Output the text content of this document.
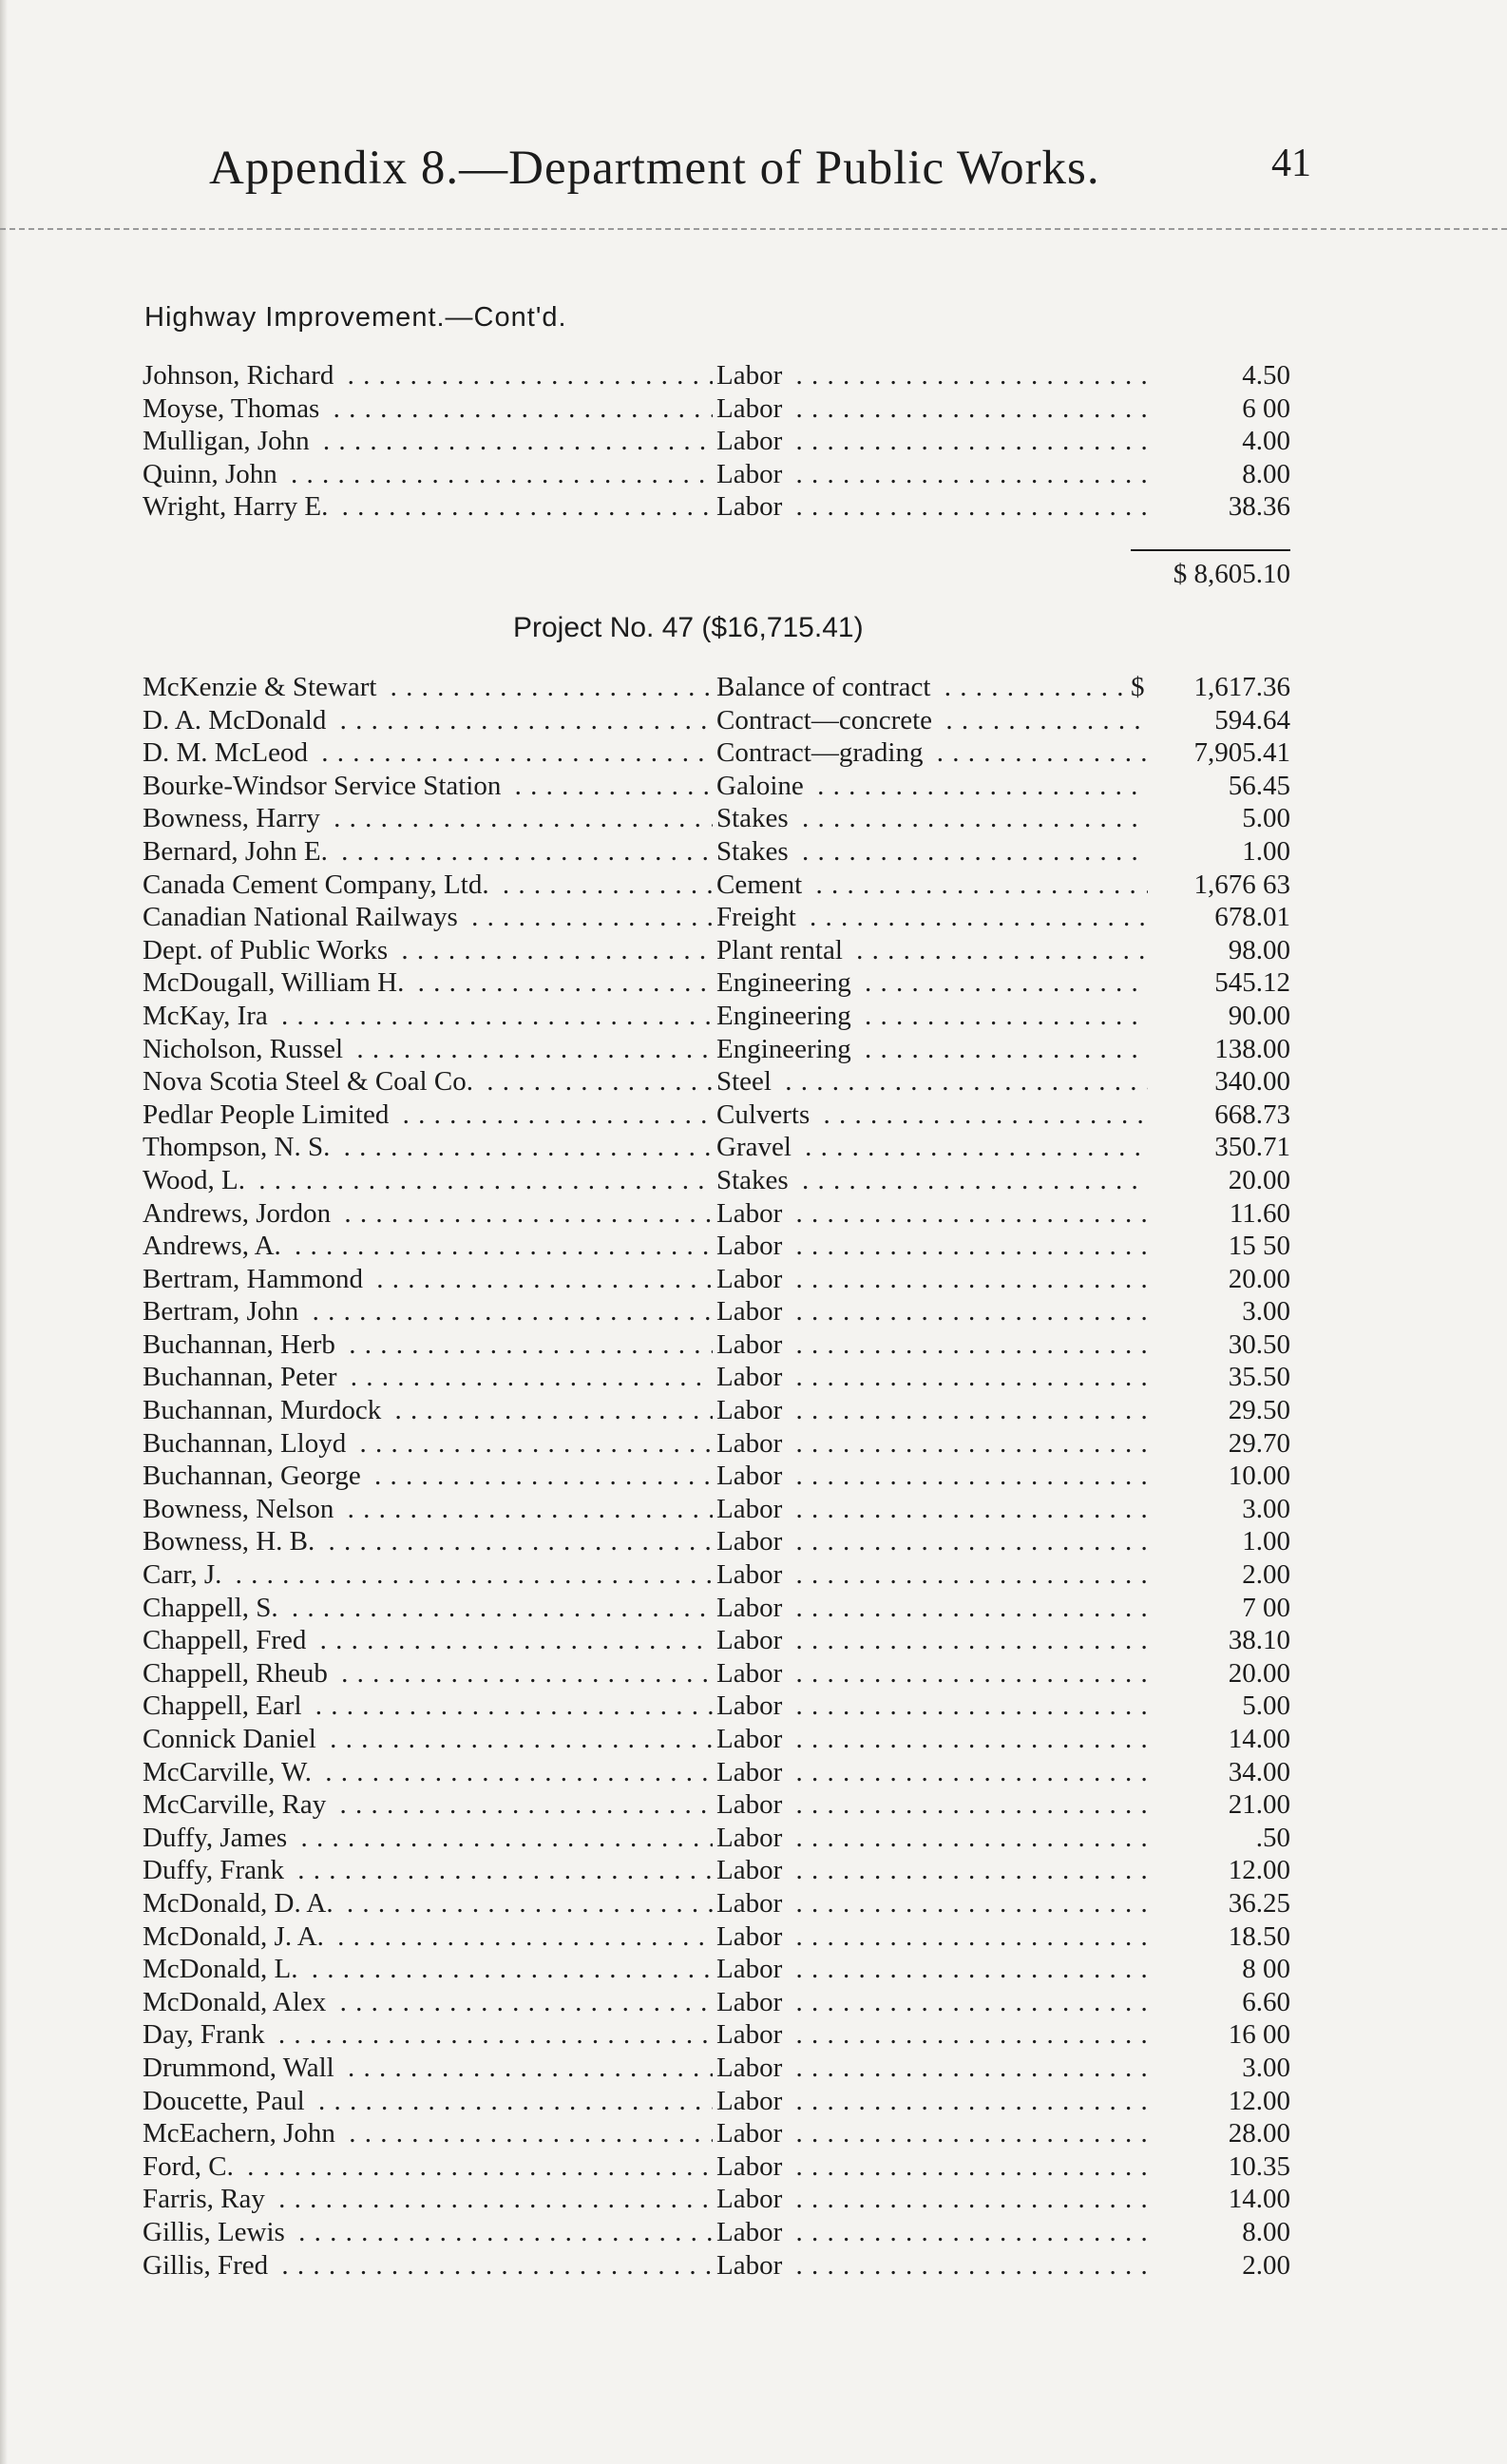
Appendix 8.—Department of Public Works.	41
Highway Improvement.—Cont'd.
Johnson, Richard . . .	Labor . . .	4.50
Moyse, Thomas . . .	Labor . . .	6 00
Mulligan, John . . .	Labor . . .	4.00
Quinn, John . . .	Labor . . .	8.00
Wright, Harry E. . . .	Labor . . .	38.36
$ 8,605.10
Project No. 47 ($16,715.41)
McKenzie & Stewart . . .	Balance of contract . . .	$	1,617.36
D. A. McDonald . . .	Contract—concrete . . .	594.64
D. M. McLeod . . .	Contract—grading . . .	7,905.41
Bourke-Windsor Service Station . . .	Galoine . . .	56.45
Bowness, Harry . . .	Stakes . . .	5.00
Bernard, John E. . . .	Stakes . . .	1.00
Canada Cement Company, Ltd. . . .	Cement . . .	1,676 63
Canadian National Railways . . .	Freight . . .	678.01
Dept. of Public Works . . .	Plant rental . . .	98.00
McDougall, William H. . . .	Engineering . . .	545.12
McKay, Ira . . .	Engineering . . .	90.00
Nicholson, Russel . . .	Engineering . . .	138.00
Nova Scotia Steel & Coal Co. . . .	Steel . . .	340.00
Pedlar People Limited . . .	Culverts . . .	668.73
Thompson, N. S. . . .	Gravel . . .	350.71
Wood, L. . . .	Stakes . . .	20.00
Andrews, Jordon . . .	Labor . . .	11.60
Andrews, A. . . .	Labor . . .	15 50
Bertram, Hammond . . .	Labor . . .	20.00
Bertram, John . . .	Labor . . .	3.00
Buchannan, Herb . . .	Labor . . .	30.50
Buchannan, Peter . . .	Labor . . .	35.50
Buchannan, Murdock . . .	Labor . . .	29.50
Buchannan, Lloyd . . .	Labor . . .	29.70
Buchannan, George . . .	Labor . . .	10.00
Bowness, Nelson . . .	Labor . . .	3.00
Bowness, H. B. . . .	Labor . . .	1.00
Carr, J. . . .	Labor . . .	2.00
Chappell, S. . . .	Labor . . .	7 00
Chappell, Fred . . .	Labor . . .	38.10
Chappell, Rheub . . .	Labor . . .	20.00
Chappell, Earl . . .	Labor . . .	5.00
Connick Daniel . . .	Labor . . .	14.00
McCarville, W. . . .	Labor . . .	34.00
McCarville, Ray . . .	Labor . . .	21.00
Duffy, James . . .	Labor . . .	.50
Duffy, Frank . . .	Labor . . .	12.00
McDonald, D. A. . . .	Labor . . .	36.25
McDonald, J. A. . . .	Labor . . .	18.50
McDonald, L. . . .	Labor . . .	8 00
McDonald, Alex . . .	Labor . . .	6.60
Day, Frank . . .	Labor . . .	16 00
Drummond, Wall . . .	Labor . . .	3.00
Doucette, Paul . . .	Labor . . .	12.00
McEachern, John . . .	Labor . . .	28.00
Ford, C. . . .	Labor . . .	10.35
Farris, Ray . . .	Labor . . .	14.00
Gillis, Lewis . . .	Labor . . .	8.00
Gillis, Fred . . .	Labor . . .	2.00
